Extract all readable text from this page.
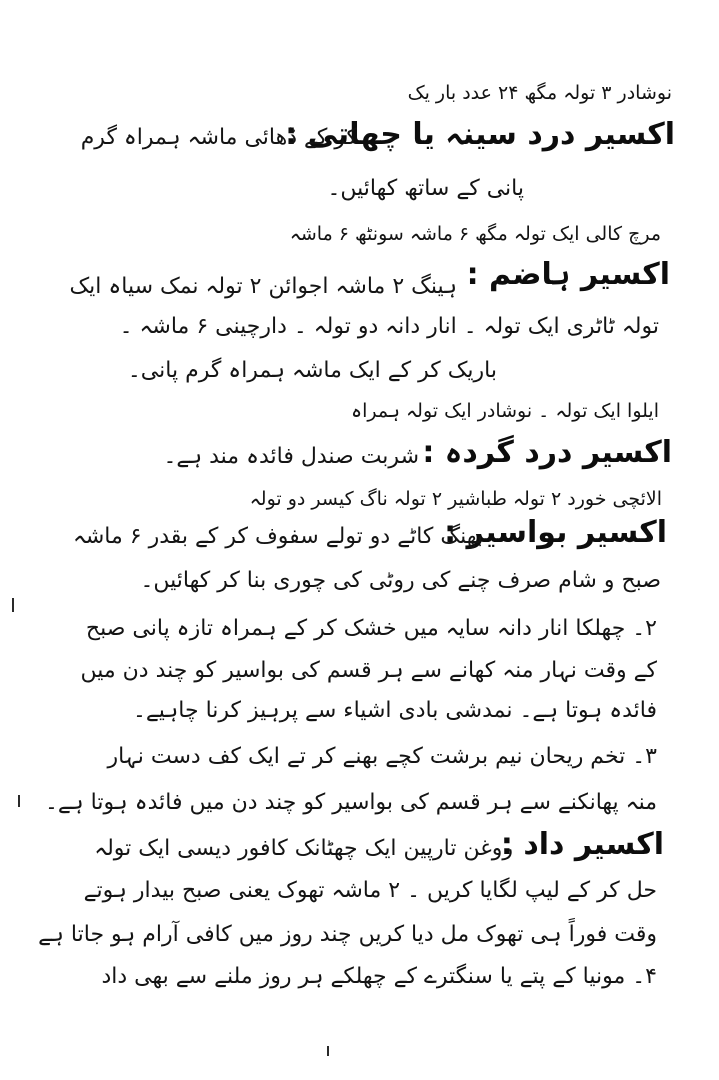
نوشادر ۳ تولہ مگھ ۲۴ عدد بار یک
اکسیر درد سینہ یا چھاتی :
کر کے ڈھائی ماشہ ہمراہ گرم
پانی کے ساتھ کھائیں۔
مرچ کالی ایک تولہ مگھ ۶ ماشہ سونٹھ ۶ ماشہ
اکسیر ہاضم :
ہینگ ۲ ماشہ اجوائن ۲ تولہ نمک سیاہ ایک
تولہ ٹاٹری ایک تولہ ۔ انار دانہ دو تولہ ۔ دارچینی ۶ ماشہ ۔
باریک کر کے ایک ماشہ ہمراہ گرم پانی۔
ایلوا ایک تولہ ۔ نوشادر ایک تولہ ہمراہ
اکسیر درد گردہ :
شربت صندل فائدہ مند ہے۔
الائچی خورد ۲ تولہ طباشیر ۲ تولہ ناگ کیسر دو تولہ
اکسیر بواسیر :
بھنگ کاٹے دو تولے سفوف کر کے بقدر ۶ ماشہ
صبح و شام صرف چنے کی روٹی کی چوری بنا کر کھائیں۔
۲۔ چھلکا انار دانہ سایہ میں خشک کر کے ہمراہ تازہ پانی صبح
کے وقت نہار منہ کھانے سے ہر قسم کی بواسیر کو چند دن میں
فائدہ ہوتا ہے۔ نمدشی بادی اشیاء سے پرہیز کرنا چاہیے۔
۳۔ تخم ریحان نیم برشت کچے بھنے کر تے ایک کف دست نہار
منہ پھانکنے سے ہر قسم کی بواسیر کو چند دن میں فائدہ ہوتا ہے۔
اکسیر داد :
روغن تارپین ایک چھٹانک کافور دیسی ایک تولہ
حل کر کے لیپ لگایا کریں ۔ ۲ ماشہ تھوک یعنی صبح بیدار ہوتے
وقت فوراً ہی تھوک مل دیا کریں چند روز میں کافی آرام ہو جاتا ہے
۴۔ مونیا کے پتے یا سنگترے کے چھلکے ہر روز ملنے سے بھی داد
